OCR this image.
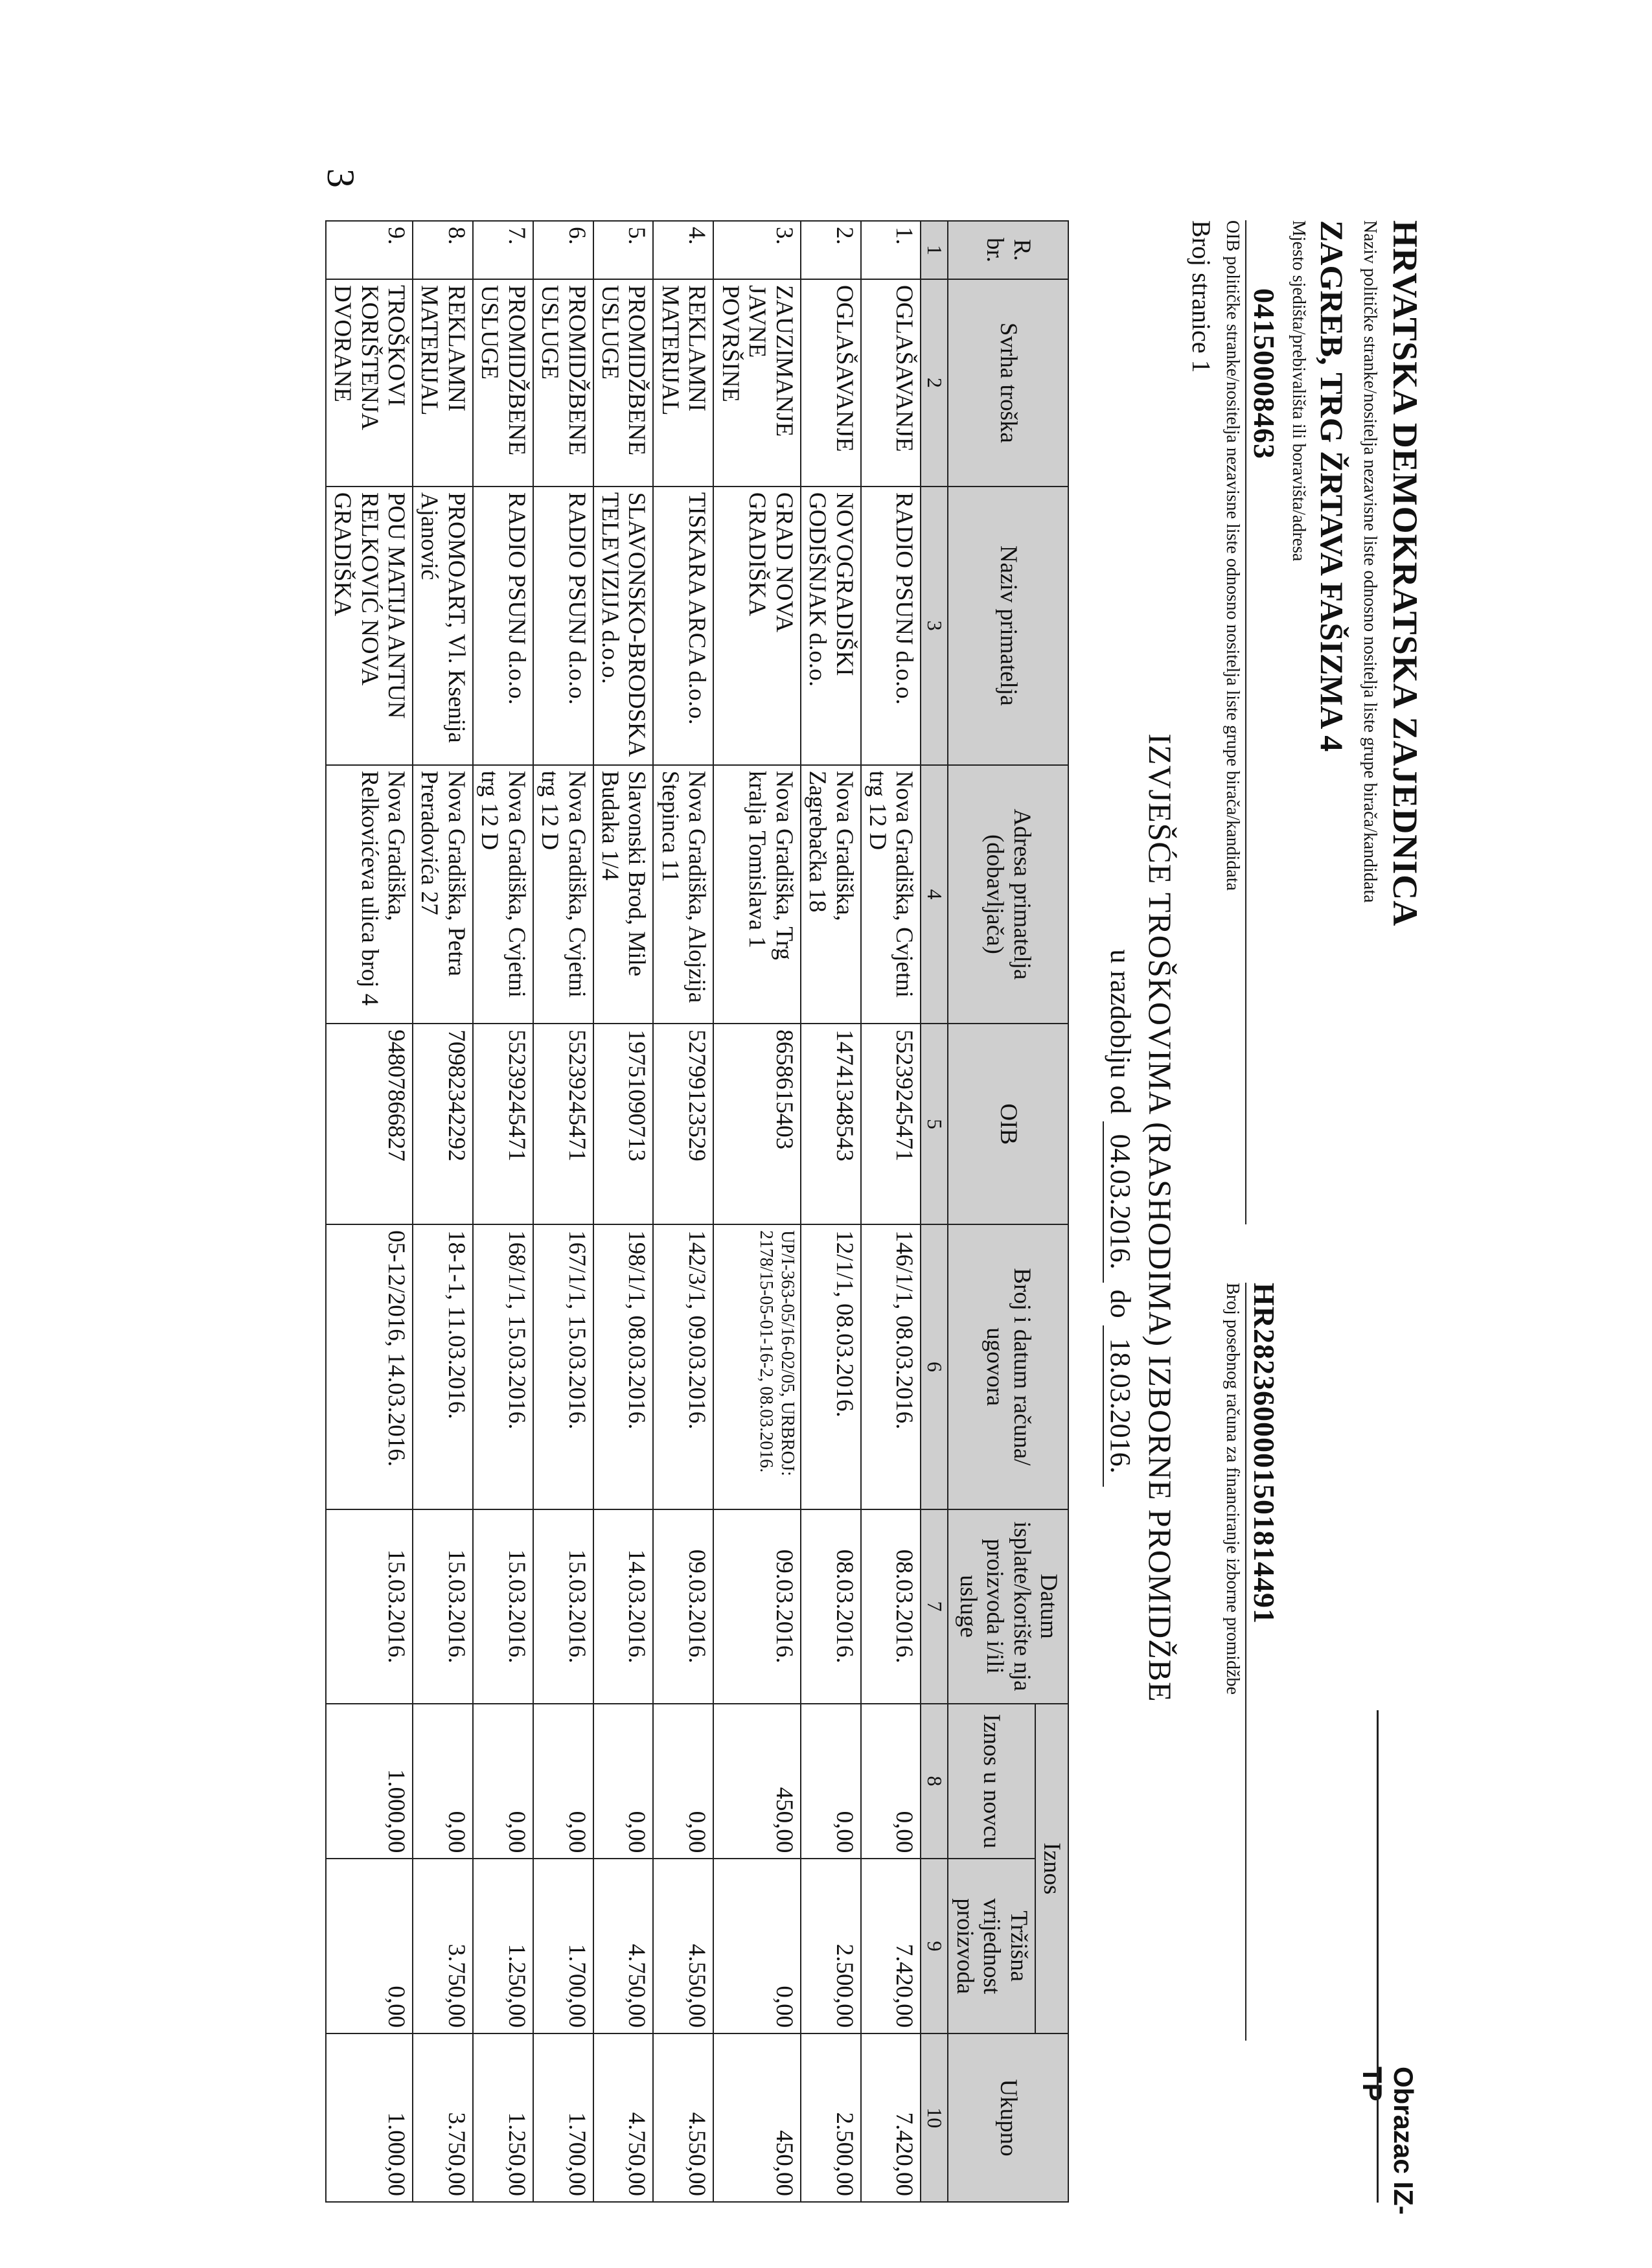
HRVATSKA DEMOKRATSKA ZAJEDNICA
Naziv političke stranke/nositelja nezavisne liste odnosno nositelja liste grupe birača/kandidata
ZAGREB, TRG ŽRTAVA FAŠIZMA 4
Mjesto sjedišta/prebivališta ili boravišta/adresa
04150008463
OIB političke stranke/nositelja nezavisne liste odnosno nositelja liste grupe birača/kandidata
HR2823600001501814491
Broj posebnog računa za financiranje izborne promidžbe
Broj stranice 1
Obrazac IZ-TP
IZVJEŠĆE TROŠKOVIMA (RASHODIMA) IZBORNE PROMIDŽBE
u razdoblju od 04.03.2016. do 18.03.2016.
3
R. br.	Svrha troška	Naziv primatelja	Adresa primatelja (dobavljača)	OIB	Broj i datum računa/ ugovora	Datum isplate/korište nja proizvoda i/ili usluge	Iznos		Ukupno
							Iznos u novcu	Tržišna vrijednost proizvoda	
1	2	3	4	5	6	7	8	9	10
1.	OGLAŠAVANJE	RADIO PSUNJ d.o.o.	Nova Gradiška, Cvjetni trg 12 D	55239245471	146/1/1, 08.03.2016.	08.03.2016.	0,00	7.420,00	7.420,00
2.	OGLAŠAVANJE	NOVOGRADIŠKI GODIŠNJAK d.o.o.	Nova Gradiška, Zagrebačka 18	14741348543	12/1/1, 08.03.2016.	08.03.2016.	0,00	2.500,00	2.500,00
3.	ZAUZIMANJE JAVNE POVRŠINE	GRAD NOVA GRADIŠKA	Nova Gradiška, Trg kralja Tomislava 1	8658615403	UP/I-363-05/16-02/05, URBROJ: 2178/15-05-01-16-2, 08.03.2016.	09.03.2016.	450,00	0,00	450,00
4.	REKLAMNI MATERIJAL	TISKARA ARCA d.o.o.	Nova Gradiška, Alojzija Stepinca 11	52799123529	142/3/1, 09.03.2016.	09.03.2016.	0,00	4.550,00	4.550,00
5.	PROMIDŽBENE USLUGE	SLAVONSKO-BRODSKA TELEVIZIJA d.o.o.	Slavonski Brod, Mile Budaka 1/4	19751090713	198/1/1, 08.03.2016.	14.03.2016.	0,00	4.750,00	4.750,00
6.	PROMIDŽBENE USLUGE	RADIO PSUNJ d.o.o.	Nova Gradiška, Cvjetni trg 12 D	55239245471	167/1/1, 15.03.2016.	15.03.2016.	0,00	1.700,00	1.700,00
7.	PROMIDŽBENE USLUGE	RADIO PSUNJ d.o.o.	Nova Gradiška, Cvjetni trg 12 D	55239245471	168/1/1, 15.03.2016.	15.03.2016.	0,00	1.250,00	1.250,00
8.	REKLAMNI MATERIJAL	PROMOART, Vl. Ksenija Ajanović	Nova Gradiška, Petra Preradovića 27	70982342292	18-1-1, 11.03.2016.	15.03.2016.	0,00	3.750,00	3.750,00
9.	TROŠKOVI KORIŠTENJA DVORANE	POU MATIJA ANTUN RELKOVIĆ NOVA GRADIŠKA	Nova Gradiška, Relkovićeva ulica broj 4	94807866827	05-12/2016, 14.03.2016.	15.03.2016.	1.000,00	0,00	1.000,00
